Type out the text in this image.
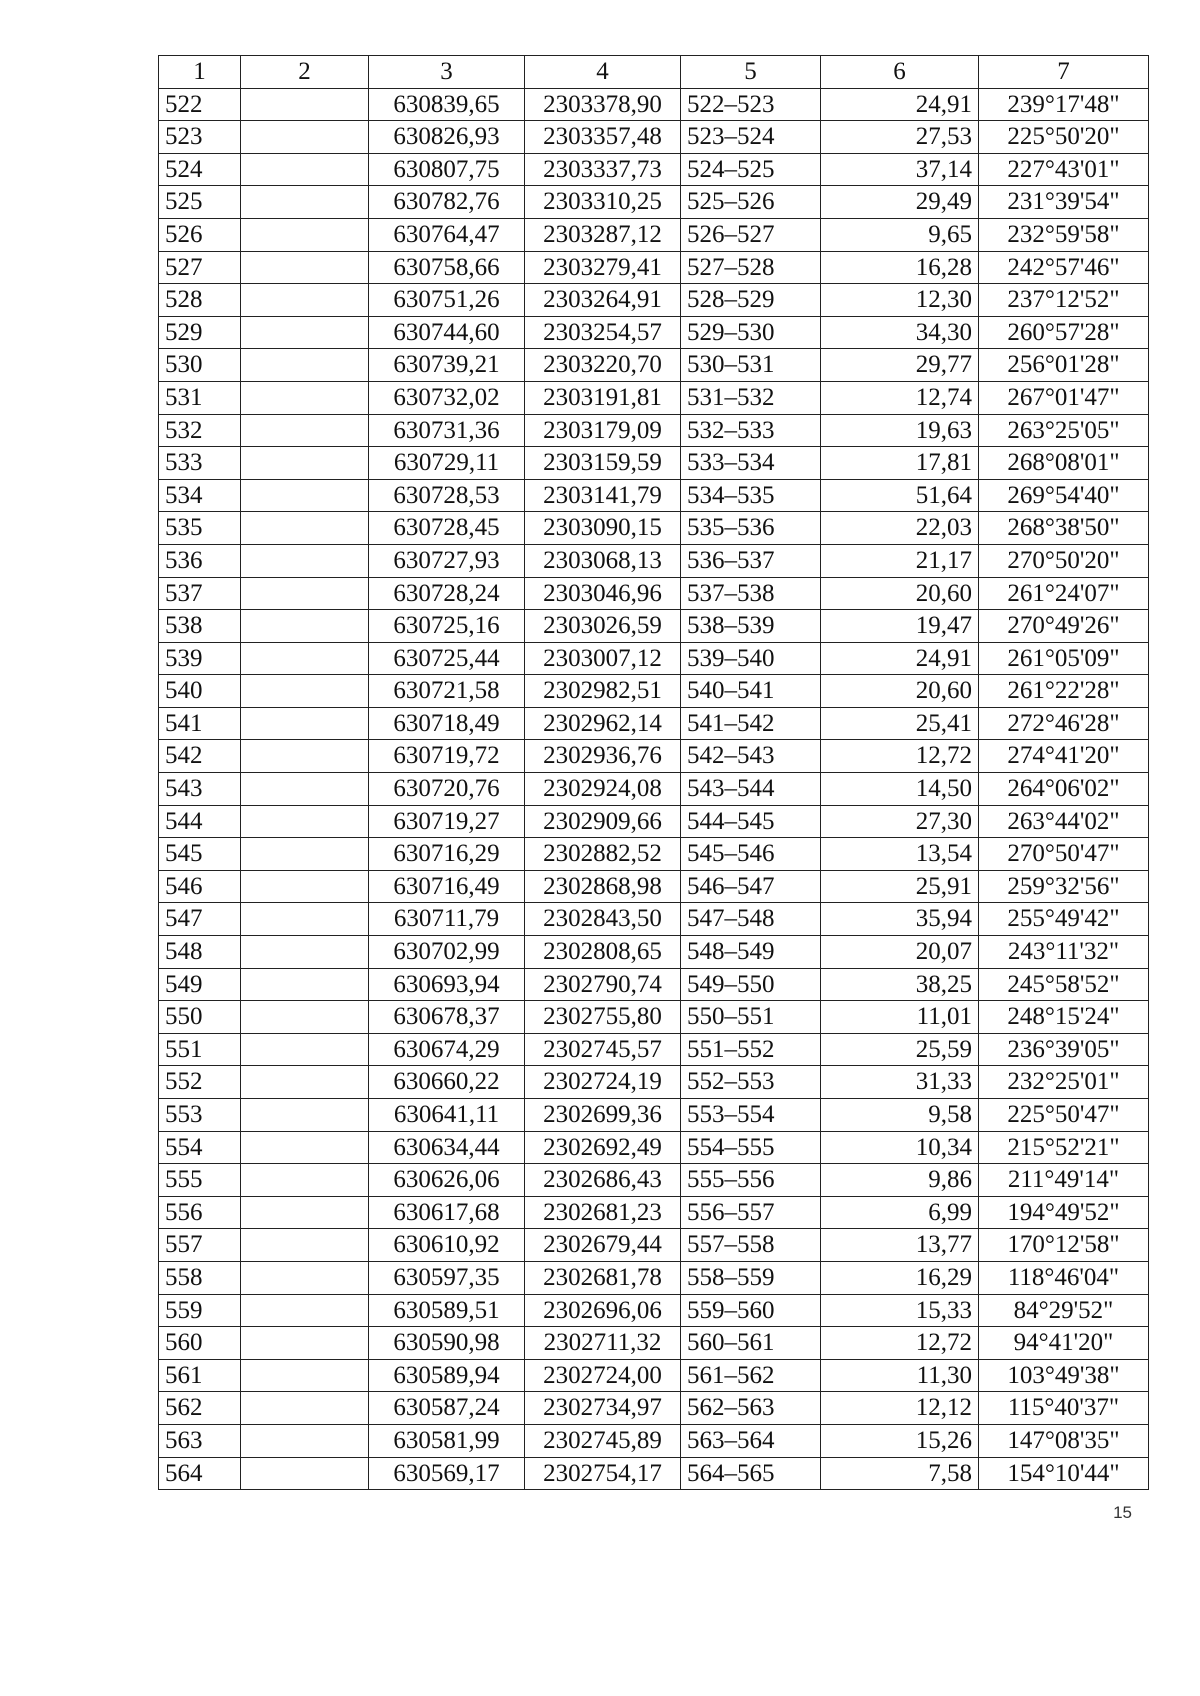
1	2	3	4	5	6	7
522		630839,65	2303378,90	522–523	24,91	239°17'48"
523		630826,93	2303357,48	523–524	27,53	225°50'20"
524		630807,75	2303337,73	524–525	37,14	227°43'01"
525		630782,76	2303310,25	525–526	29,49	231°39'54"
526		630764,47	2303287,12	526–527	9,65	232°59'58"
527		630758,66	2303279,41	527–528	16,28	242°57'46"
528		630751,26	2303264,91	528–529	12,30	237°12'52"
529		630744,60	2303254,57	529–530	34,30	260°57'28"
530		630739,21	2303220,70	530–531	29,77	256°01'28"
531		630732,02	2303191,81	531–532	12,74	267°01'47"
532		630731,36	2303179,09	532–533	19,63	263°25'05"
533		630729,11	2303159,59	533–534	17,81	268°08'01"
534		630728,53	2303141,79	534–535	51,64	269°54'40"
535		630728,45	2303090,15	535–536	22,03	268°38'50"
536		630727,93	2303068,13	536–537	21,17	270°50'20"
537		630728,24	2303046,96	537–538	20,60	261°24'07"
538		630725,16	2303026,59	538–539	19,47	270°49'26"
539		630725,44	2303007,12	539–540	24,91	261°05'09"
540		630721,58	2302982,51	540–541	20,60	261°22'28"
541		630718,49	2302962,14	541–542	25,41	272°46'28"
542		630719,72	2302936,76	542–543	12,72	274°41'20"
543		630720,76	2302924,08	543–544	14,50	264°06'02"
544		630719,27	2302909,66	544–545	27,30	263°44'02"
545		630716,29	2302882,52	545–546	13,54	270°50'47"
546		630716,49	2302868,98	546–547	25,91	259°32'56"
547		630711,79	2302843,50	547–548	35,94	255°49'42"
548		630702,99	2302808,65	548–549	20,07	243°11'32"
549		630693,94	2302790,74	549–550	38,25	245°58'52"
550		630678,37	2302755,80	550–551	11,01	248°15'24"
551		630674,29	2302745,57	551–552	25,59	236°39'05"
552		630660,22	2302724,19	552–553	31,33	232°25'01"
553		630641,11	2302699,36	553–554	9,58	225°50'47"
554		630634,44	2302692,49	554–555	10,34	215°52'21"
555		630626,06	2302686,43	555–556	9,86	211°49'14"
556		630617,68	2302681,23	556–557	6,99	194°49'52"
557		630610,92	2302679,44	557–558	13,77	170°12'58"
558		630597,35	2302681,78	558–559	16,29	118°46'04"
559		630589,51	2302696,06	559–560	15,33	84°29'52"
560		630590,98	2302711,32	560–561	12,72	94°41'20"
561		630589,94	2302724,00	561–562	11,30	103°49'38"
562		630587,24	2302734,97	562–563	12,12	115°40'37"
563		630581,99	2302745,89	563–564	15,26	147°08'35"
564		630569,17	2302754,17	564–565	7,58	154°10'44"
15
